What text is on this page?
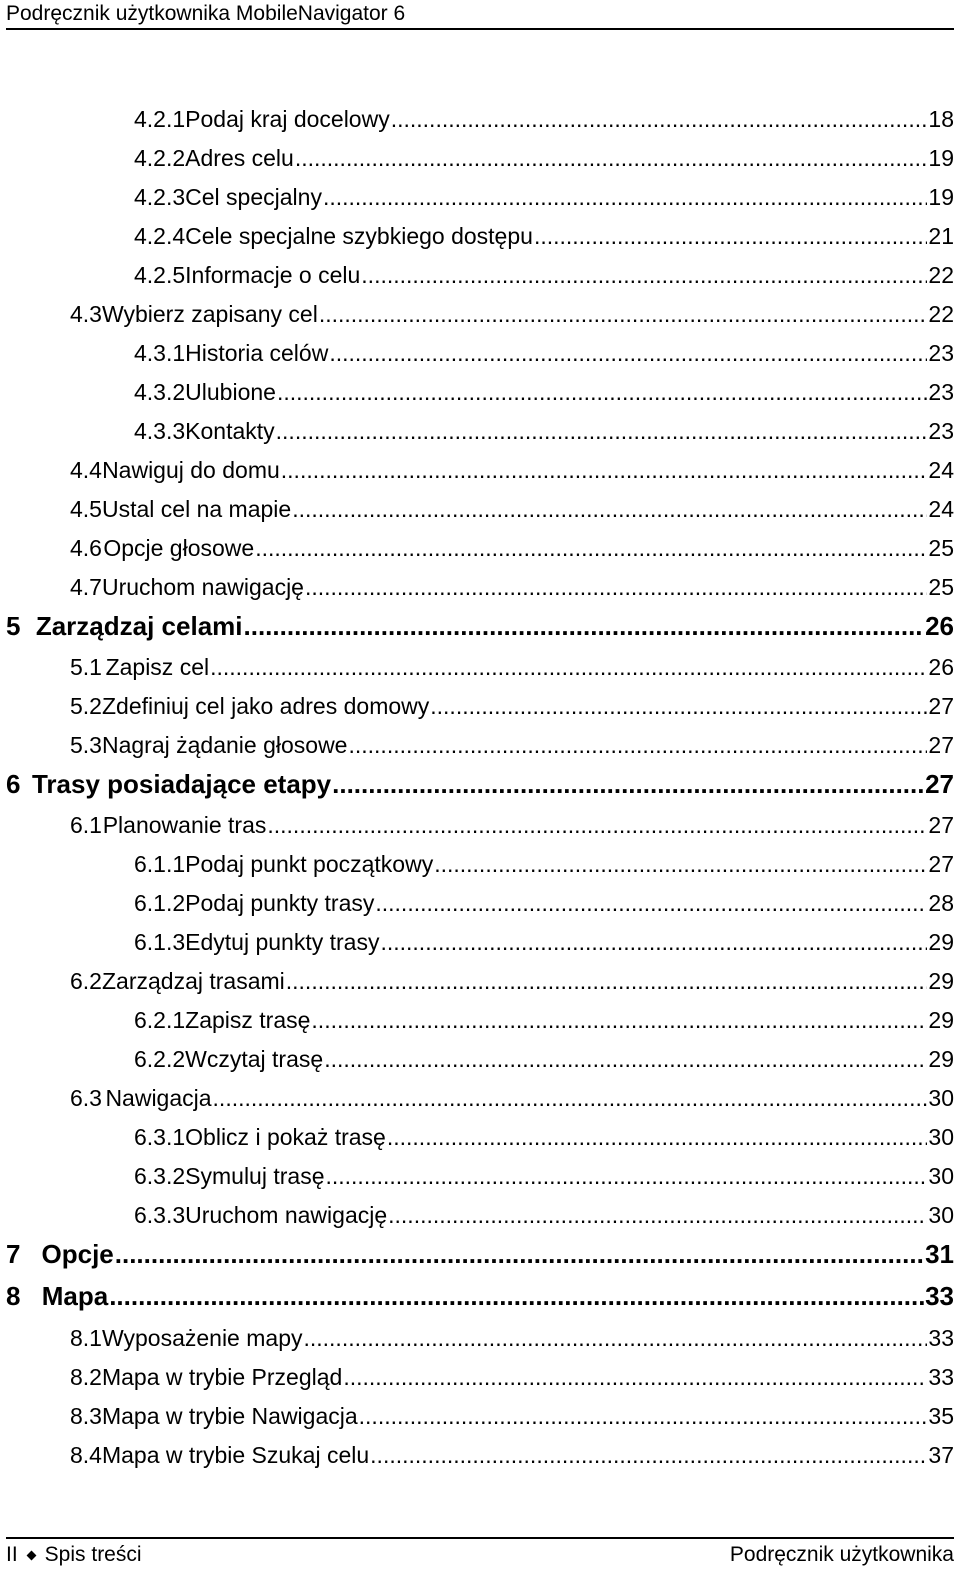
Podręcznik użytkownika MobileNavigator 6
4.2.1 Podaj kraj docelowy .....	18
4.2.2 Adres celu .....	19
4.2.3 Cel specjalny .....	19
4.2.4 Cele specjalne szybkiego dostępu .....	21
4.2.5 Informacje o celu .....	22
4.3 Wybierz zapisany cel .....	22
4.3.1 Historia celów .....	23
4.3.2 Ulubione .....	23
4.3.3 Kontakty .....	23
4.4 Nawiguj do domu .....	24
4.5 Ustal cel na mapie .....	24
4.6 Opcje głosowe .....	25
4.7 Uruchom nawigację .....	25
5 Zarządzaj celami .....	26
5.1 Zapisz cel .....	26
5.2 Zdefiniuj cel jako adres domowy .....	27
5.3 Nagraj żądanie głosowe .....	27
6 Trasy posiadające etapy .....	27
6.1 Planowanie tras .....	27
6.1.1 Podaj punkt początkowy .....	27
6.1.2 Podaj punkty trasy .....	28
6.1.3 Edytuj punkty trasy .....	29
6.2 Zarządzaj trasami .....	29
6.2.1 Zapisz trasę .....	29
6.2.2 Wczytaj trasę .....	29
6.3 Nawigacja .....	30
6.3.1 Oblicz i pokaż trasę .....	30
6.3.2 Symuluj trasę .....	30
6.3.3 Uruchom nawigację .....	30
7 Opcje .....	31
8 Mapa .....	33
8.1 Wyposażenie mapy .....	33
8.2 Mapa w trybie Przegląd .....	33
8.3 Mapa w trybie Nawigacja .....	35
8.4 Mapa w trybie Szukaj celu .....	37
II Spis treści	Podręcznik użytkownika
